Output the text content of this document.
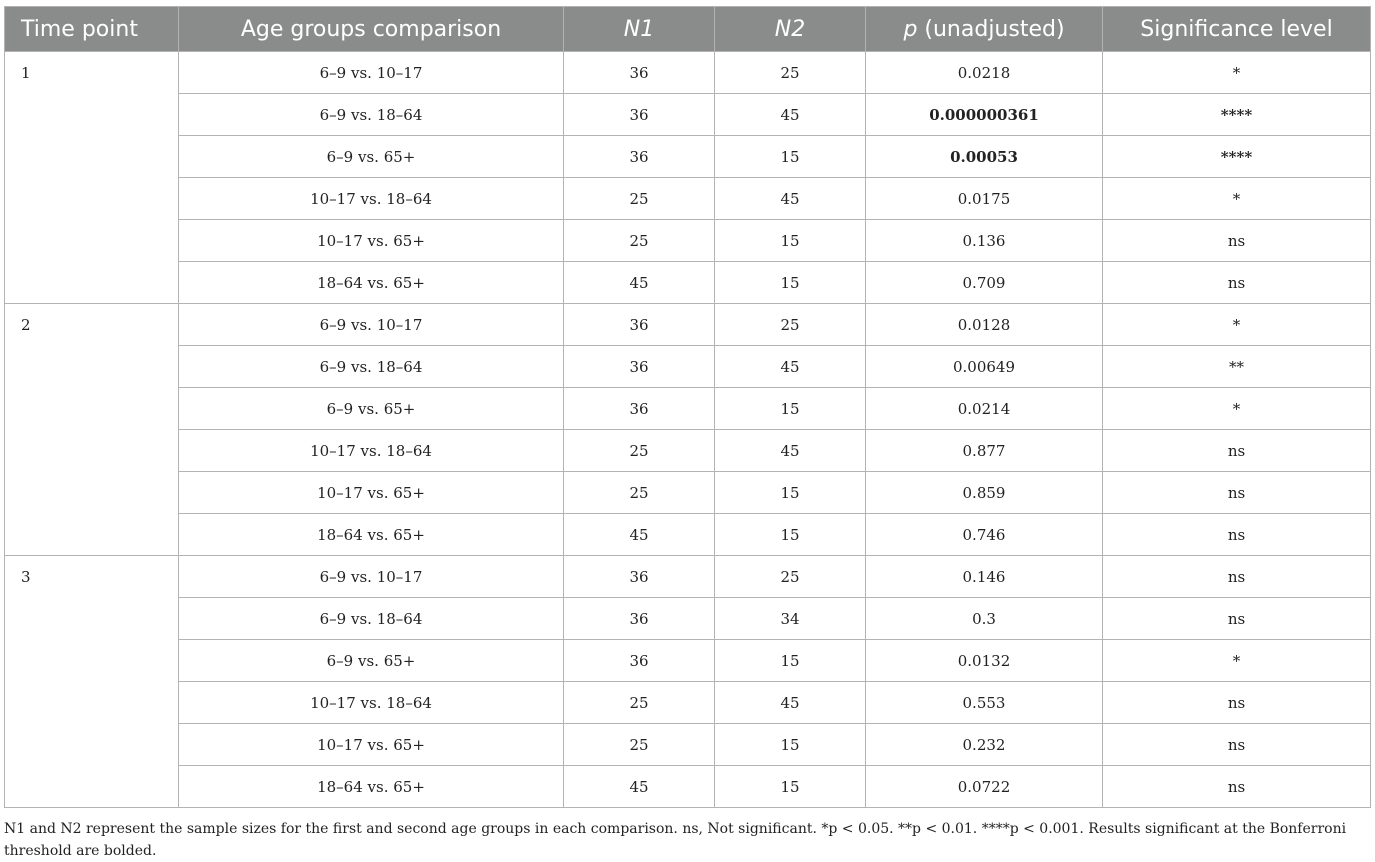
Time point	Age groups comparison	N1	N2	p (unadjusted)	Significance level
1	6–9 vs. 10–17	36	25	0.0218	*
	6–9 vs. 18–64	36	45	0.000000361	****
	6–9 vs. 65+	36	15	0.00053	****
	10–17 vs. 18–64	25	45	0.0175	*
	10–17 vs. 65+	25	15	0.136	ns
	18–64 vs. 65+	45	15	0.709	ns
2	6–9 vs. 10–17	36	25	0.0128	*
	6–9 vs. 18–64	36	45	0.00649	**
	6–9 vs. 65+	36	15	0.0214	*
	10–17 vs. 18–64	25	45	0.877	ns
	10–17 vs. 65+	25	15	0.859	ns
	18–64 vs. 65+	45	15	0.746	ns
3	6–9 vs. 10–17	36	25	0.146	ns
	6–9 vs. 18–64	36	34	0.3	ns
	6–9 vs. 65+	36	15	0.0132	*
	10–17 vs. 18–64	25	45	0.553	ns
	10–17 vs. 65+	25	15	0.232	ns
	18–64 vs. 65+	45	15	0.0722	ns

N1 and N2 represent the sample sizes for the first and second age groups in each comparison. ns, Not significant. *p < 0.05. **p < 0.01. ****p < 0.001. Results significant at the Bonferroni threshold are bolded.
